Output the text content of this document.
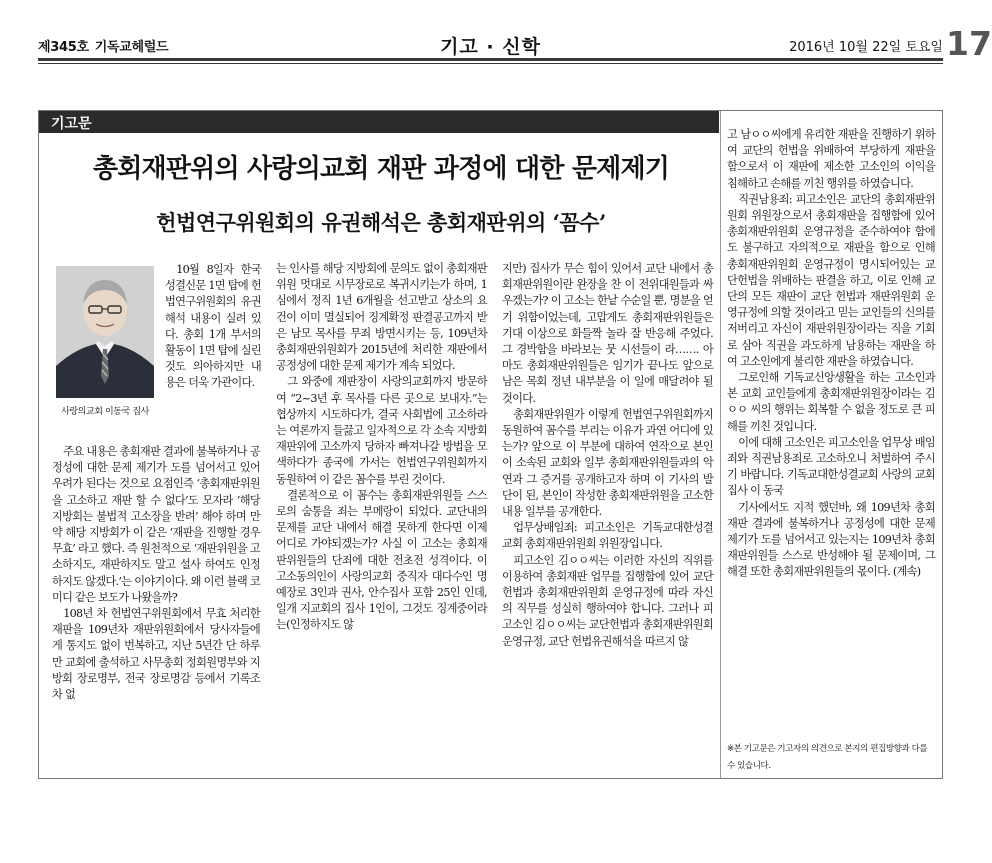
제345호 기독교헤럴드	기고 · 신학	2016년 10월 22일 토요일 17
기고문
총회재판위의 사랑의교회 재판 과정에 대한 문제제기
헌법연구위원회의 유권해석은 총회재판위의 ‘꼼수’
사랑의교회 이동국 집사

10월 8일자 한국성결신문 1면 탑에 헌법연구위원회의 유권해석 내용이 실려 있다. 총회 1개 부서의 활동이 1면 탑에 실린 것도 의아하지만 내용은 더욱 가관이다.

주요 내용은 총회재판 결과에 불복하거나 공정성에 대한 문제 제기가 도를 넘어서고 있어 우려가 된다는 것으로 요점인즉 ‘총회재판위원을 고소하고 재판 할 수 없다’도 모자라 ‘해당 지방회는 불법적 고소장을 반려’ 해야 하며 만약 해당 지방회가 이 같은 ‘재판을 진행할 경우 무효’ 라고 했다. 즉 원천적으로 ‘재판위원을 고소하지도, 재판하지도 말고 설사 하여도 인정하지도 않겠다.’는 이야기이다. 왜 이런 블랙 코미디 같은 보도가 나왔을까?

108년 차 헌법연구위원회에서 무효 처리한 재판을 109년차 재판위원회에서 당사자들에게 통지도 없이 번복하고, 지난 5년간 단 하루만 교회에 출석하고 사무총회 정회원명부와 지방회 장로명부, 전국 장로명감 등에서 기록조차 없

는 인사를 해당 지방회에 문의도 없이 총회재판위원 멋대로 시무장로로 복귀시키는가 하며, 1심에서 정직 1년 6개월을 선고받고 상소의 요건이 이미 멸실되어 징계확정 판결공고까지 받은 남모 목사를 무죄 방면시키는 등, 109년차 총회재판위원회가 2015년에 처리한 재판에서 공정성에 대한 문제 제기가 계속 되었다.

그 와중에 재판장이 사랑의교회까지 방문하여 “2~3년 후 목사를 다른 곳으로 보내자.”는 협상까지 시도하다가, 결국 사회법에 고소하라는 여론까지 들끓고 일자적으로 각 소속 지방회재판위에 고소까지 당하자 빠져나갈 방법을 모색하다가 종국에 가서는 헌법연구위원회까지 동원하여 이 같은 꼼수를 부린 것이다.

결론적으로 이 꼼수는 총회재판위원들 스스로의 숨통을 죄는 부메랑이 되었다. 교단내의 문제를 교단 내에서 해결 못하게 한다면 이제 어디로 가야되겠는가? 사실 이 고소는 총회재판위원들의 단죄에 대한 전초전 성격이다. 이 고소동의인이 사랑의교회 중직자 대다수인 명예장로 3인과 권사, 안수집사 포함 25인 인데, 일개 지교회의 집사 1인이, 그것도 징계중이라는(인정하지도 않

지만) 집사가 무슨 힘이 있어서 교단 내에서 총회재판위원이란 완장을 찬 이 전위대원들과 싸우겠는가? 이 고소는 한낱 수순일 뿐, 명분을 얻기 위함이었는데, 고맙게도 총회재판위원들은 기대 이상으로 화들짝 놀라 잘 반응해 주었다. 그 경박함을 바라보는 뭇 시선들이 라……. 아마도 총회재판위원들은 임기가 끝나도 앞으로 남은 목회 정년 내부분을 이 일에 매달려야 될 것이다.

총회재판위원가 이렇게 헌법연구위원회까지 동원하여 꼼수를 부리는 이유가 과연 어디에 있는가? 앞으로 이 부분에 대하여 연작으로 본인이 소속된 교회와 일부 총회재판위원들과의 악연과 그 증거를 공개하고자 하며 이 기사의 발단이 된, 본인이 작성한 총회재판위원을 고소한 내용 일부를 공개한다.

업무상배임죄: 피고소인은 기독교대한성결교회 총회재판위원회 위원장입니다.

피고소인 김ㅇㅇ씨는 이러한 자신의 직위를 이용하여 총회재판 업무를 집행함에 있어 교단헌법과 총회재판위원회 운영규정에 따라 자신의 직무를 성실히 행하여야 합니다. 그러나 피고소인 김ㅇㅇ씨는 교단헌법과 총회재판위원회 운영규정, 교단 헌법유권해석을 따르지 않

고 남ㅇㅇ씨에게 유리한 재판을 진행하기 위하여 교단의 헌법을 위배하여 부당하게 재판을 함으로서 이 재판에 제소한 고소인의 이익을 침해하고 손해를 끼친 행위를 하였습니다.

직권남용죄: 피고소인은 교단의 총회재판위원회 위원장으로서 총회재판을 집행함에 있어 총회재판위원회 운영규정을 준수하여야 함에도 불구하고 자의적으로 재판을 함으로 인해 총회재판위원회 운영규정이 명시되어있는 교단헌법을 위배하는 판결을 하고, 이로 인해 교단의 모든 재판이 교단 헌법과 재판위원회 운영규정에 의할 것이라고 믿는 교인들의 신의를 저버리고 자신이 재판위원장이라는 직을 기회로 삼아 직권을 과도하게 남용하는 재판을 하여 고소인에게 불리한 재판을 하였습니다.

그로인해 기독교신앙생활을 하는 고소인과 본 교회 교인들에게 총회재판위원장이라는 김ㅇㅇ 씨의 행위는 회복할 수 없을 정도로 큰 피해를 끼친 것입니다.

이에 대해 고소인은 피고소인을 업무상 배임죄와 직권남용죄로 고소하오니 처벌하여 주시기 바랍니다. 기독교대한성결교회 사랑의 교회 집사 이 동국

기사에서도 지적 했던바, 왜 109년차 총회재판 결과에 불복하거나 공정성에 대한 문제 제기가 도를 넘어서고 있는지는 109년차 총회재판위원들 스스로 반성해야 될 문제이며, 그 해결 또한 총회재판위원들의 몫이다. (계속)

※본 기고문은 기고자의 의견으로 본지의 편집방향과 다를 수 있습니다.
